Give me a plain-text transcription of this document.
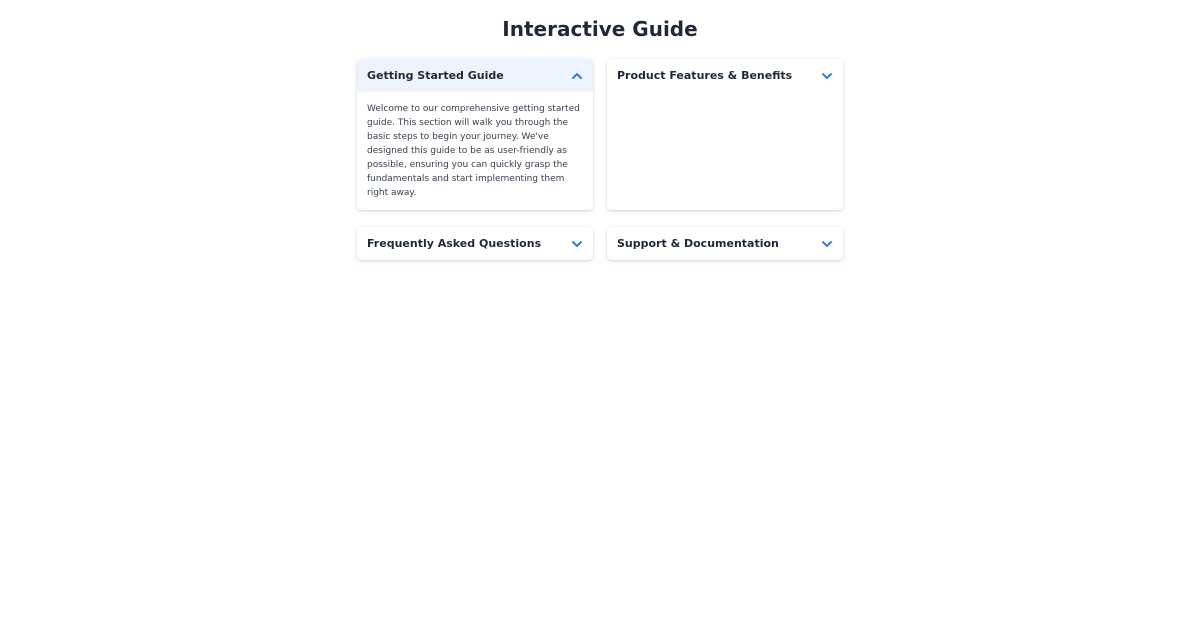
Interactive Guide
Getting Started Guide
Welcome to our comprehensive getting started guide. This section will walk you through the basic steps to begin your journey. We've designed this guide to be as user-friendly as possible, ensuring you can quickly grasp the fundamentals and start implementing them right away.
Product Features & Benefits
Frequently Asked Questions	Support & Documentation
